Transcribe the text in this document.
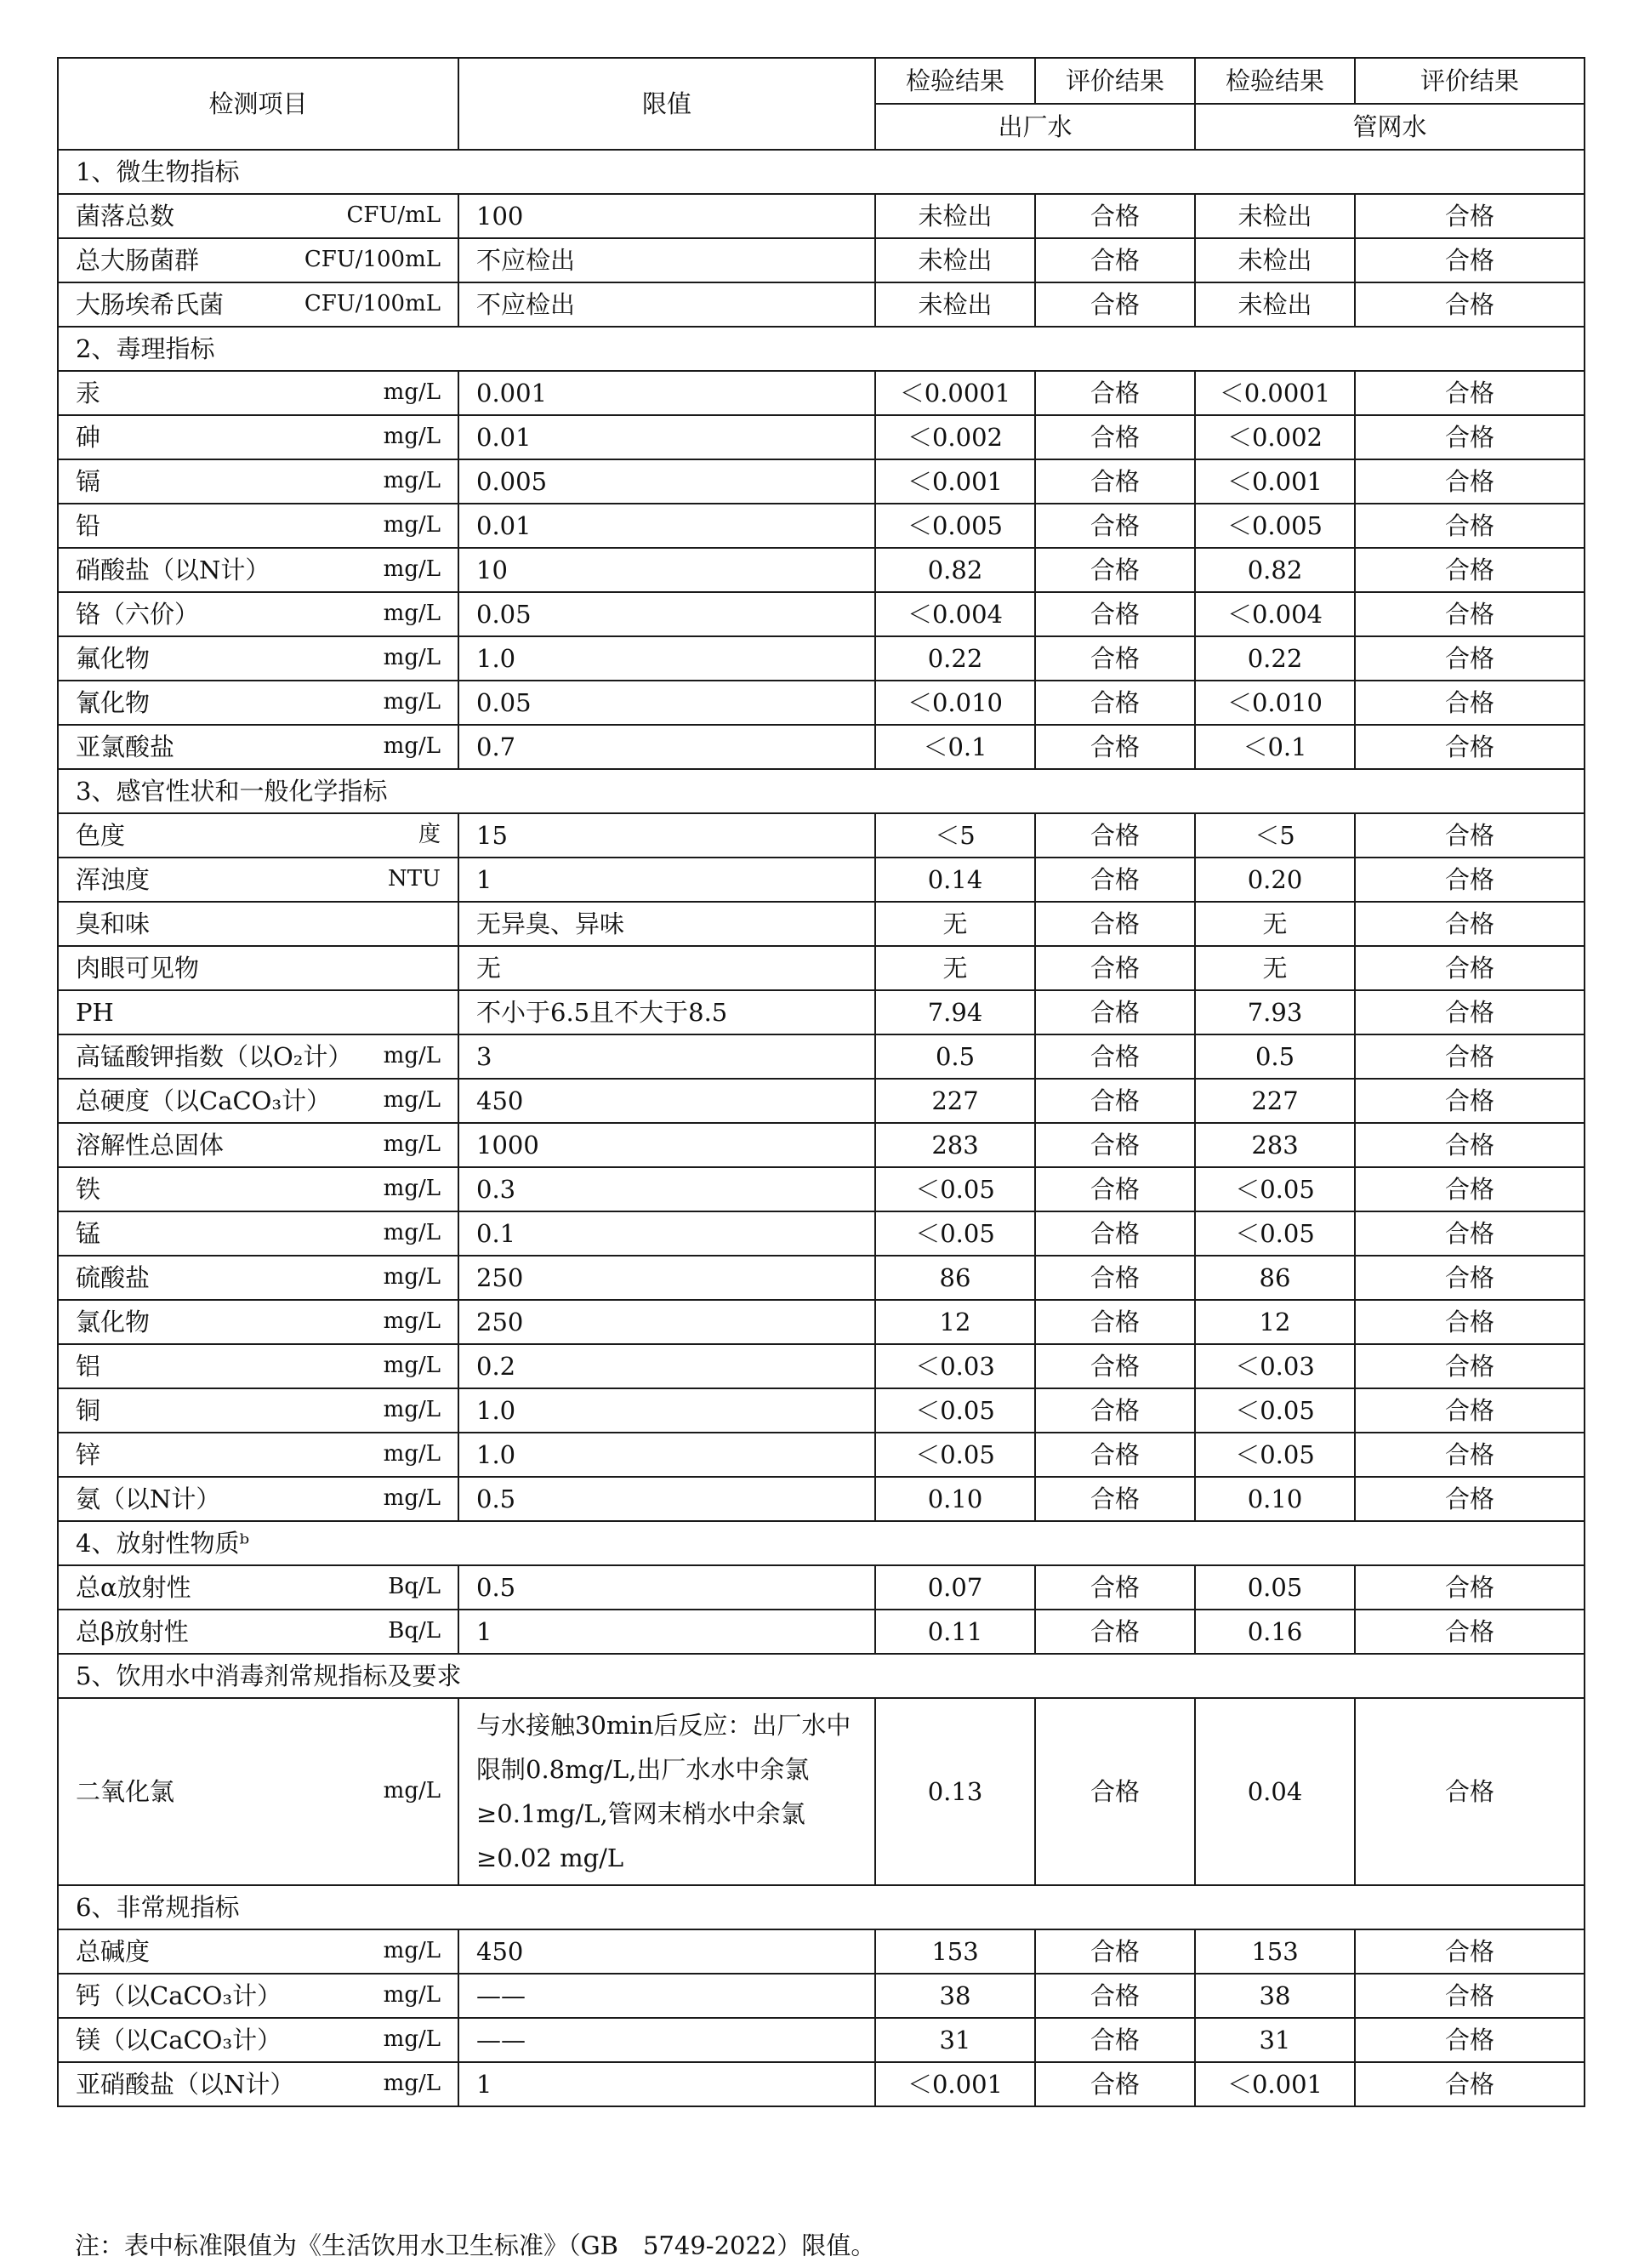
检测项目	限值	检验结果	评价结果	检验结果	评价结果
		出厂水		管网水	
1、微生物指标					

菌落总数 CFU/mL	100	未检出	合格	未检出	合格

总大肠菌群 CFU/100mL	不应检出	未检出	合格	未检出	合格

大肠埃希氏菌 CFU/100mL	不应检出	未检出	合格	未检出	合格
2、毒理指标					

汞 mg/L	0.001	＜0.0001	合格	＜0.0001	合格

砷 mg/L	0.01	＜0.002	合格	＜0.002	合格

镉 mg/L	0.005	＜0.001	合格	＜0.001	合格

铅 mg/L	0.01	＜0.005	合格	＜0.005	合格

硝酸盐（以N计） mg/L	10	0.82	合格	0.82	合格

铬（六价） mg/L	0.05	＜0.004	合格	＜0.004	合格

氟化物 mg/L	1.0	0.22	合格	0.22	合格

氰化物 mg/L	0.05	＜0.010	合格	＜0.010	合格

亚氯酸盐 mg/L	0.7	＜0.1	合格	＜0.1	合格
3、感官性状和一般化学指标					

色度 度	15	＜5	合格	＜5	合格

浑浊度 NTU	1	0.14	合格	0.20	合格

臭和味	无异臭、异味	无	合格	无	合格

肉眼可见物	无	无	合格	无	合格

PH	不小于6.5且不大于8.5	7.94	合格	7.93	合格

高锰酸钾指数（以O₂计） mg/L	3	0.5	合格	0.5	合格

总硬度（以CaCO₃计） mg/L	450	227	合格	227	合格

溶解性总固体 mg/L	1000	283	合格	283	合格

铁 mg/L	0.3	＜0.05	合格	＜0.05	合格

锰 mg/L	0.1	＜0.05	合格	＜0.05	合格

硫酸盐 mg/L	250	86	合格	86	合格

氯化物 mg/L	250	12	合格	12	合格

铝 mg/L	0.2	＜0.03	合格	＜0.03	合格

铜 mg/L	1.0	＜0.05	合格	＜0.05	合格

锌 mg/L	1.0	＜0.05	合格	＜0.05	合格

氨（以N计） mg/L	0.5	0.10	合格	0.10	合格
4、放射性物质ᵇ					

总α放射性 Bq/L	0.5	0.07	合格	0.05	合格

总β放射性 Bq/L	1	0.11	合格	0.16	合格
5、饮用水中消毒剂常规指标及要求					

二氧化氯 mg/L	与水接触30min后反应：出厂水中限制0.8mg/L,出厂水水中余氯≥0.1mg/L,管网末梢水中余氯≥0.02 mg/L	0.13	合格	0.04	合格
6、非常规指标					

总碱度 mg/L	450	153	合格	153	合格

钙（以CaCO₃计） mg/L	——	38	合格	38	合格

镁（以CaCO₃计） mg/L	——	31	合格	31	合格

亚硝酸盐（以N计） mg/L	1	＜0.001	合格	＜0.001	合格
注：表中标准限值为《生活饮用水卫生标准》（GB　5749-2022）限值。
